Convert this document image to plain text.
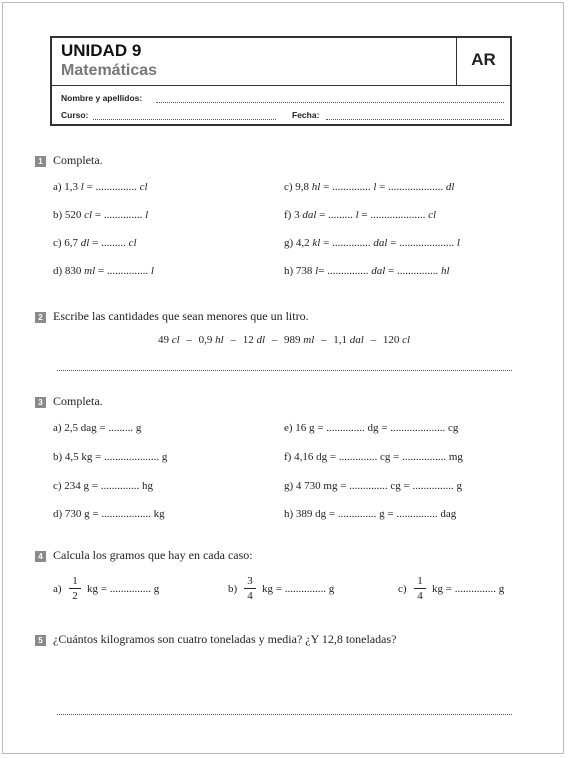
UNIDAD 9
Matemáticas
AR
Nombre y apellidos:
Curso:	Fecha:
1 Completa.
a) 1,3 l = ............... cl	c) 9,8 hl = .............. l = .................... dl
b) 520 cl = .............. l	f) 3 dal = ......... l = .................... cl
c) 6,7 dl = ......... cl	g) 4,2 kl = .............. dal = .................... l
d) 830 ml = ............... l	h) 738 l= ............... dal = ............... hl
2 Escribe las cantidades que sean menores que un litro.
49 cl – 0,9 hl – 12 dl – 989 ml – 1,1 dal – 120 cl
3 Completa.
a) 2,5 dag = ......... g	e) 16 g = .............. dg = .................... cg
b) 4,5 kg = .................... g	f) 4,16 dg = .............. cg = ................ mg
c) 234 g = .............. hg	g) 4 730 mg = .............. cg = ............... g
d) 730 g = .................. kg	h) 389 dg = .............. g = ............... dag
4 Calcula los gramos que hay en cada caso:
a)
1
2
kg = ............... g	b)
3
4
kg = ............... g	c)
1
4
kg = ............... g
5 ¿Cuántos kilogramos son cuatro toneladas y media? ¿Y 12,8 toneladas?
